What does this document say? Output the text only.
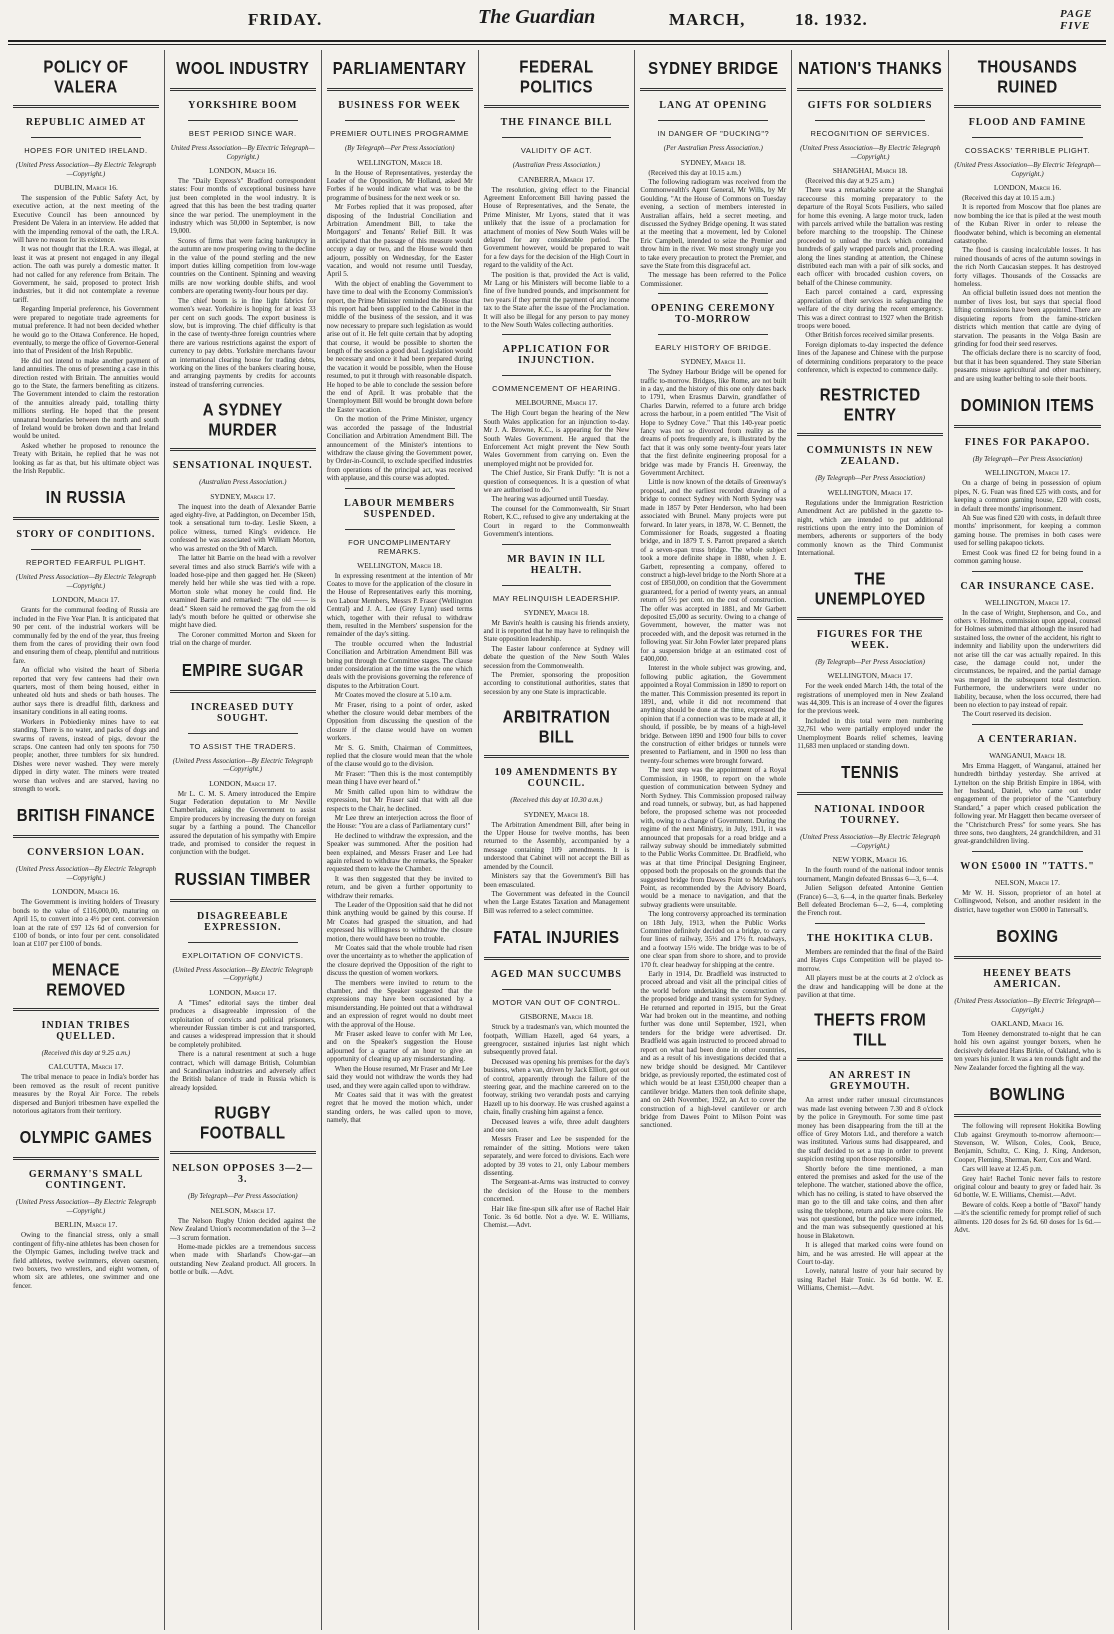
FRIDAY.	The Guardian	MARCH,	18. 1932.	PAGE FIVE
POLICY OF VALERA
REPUBLIC AIMED AT
HOPES FOR UNITED IRELAND.
(United Press Association—By Electric Telegraph—Copyright.)
DUBLIN, March 16.

The suspension of the Public Safety Act, by executive action, at the next meeting of the Executive Council has been announced by President De Valera in an interview. He added that with the impending removal of the oath, the I.R.A. will have no reason for its existence.

It was not thought that the I.R.A. was illegal, at least it was at present not engaged in any illegal action. The oath was purely a domestic matter. It had not called for any reference from Britain. The Government, he said, proposed to protect Irish industries, but it did not contemplate a revenue tariff.

Regarding Imperial preference, his Government were prepared to negotiate trade agreements for mutual preference. It had not been decided whether he would go to the Ottawa Conference. He hoped, eventually, to merge the office of Governor-General into that of President of the Irish Republic.

He did not intend to make another payment of land annuities. The onus of presenting a case in this direction rested with Britain. The annuities would go to the State, the farmers benefiting as citizens. The Government intended to claim the restoration of the annuities already paid, totalling thirty millions sterling. He hoped that the present unnatural boundaries between the north and south of Ireland would be broken down and that Ireland would be united.

Asked whether he proposed to renounce the Treaty with Britain, he replied that he was not looking as far as that, but his ultimate object was the Irish Republic.

IN RUSSIA
STORY OF CONDITIONS.
REPORTED FEARFUL PLIGHT.
(United Press Association—By Electric Telegraph—Copyright.)
LONDON, March 17.

Grants for the communal feeding of Russia are included in the Five Year Plan. It is anticipated that 90 per cent. of the industrial workers will be communally fed by the end of the year, thus freeing them from the cares of providing their own food and ensuring them of cheap, plentiful and nutritious fare.

An official who visited the heart of Siberia reported that very few canteens had their own quarters, most of them being housed, either in unheated old huts and sheds or bath houses. The author says there is dreadful filth, darkness and insanitary conditions in all eating rooms.

Workers in Pobiedienky mines have to eat standing. There is no water, and packs of dogs and swarms of ravens, instead of pigs, devour the scraps. One canteen had only ten spoons for 750 people; another, three tumblers for six hundred. Dishes were never washed. They were merely dipped in dirty water. The miners were treated worse than wolves and are starved, having no strength to work.

BRITISH FINANCE
CONVERSION LOAN.
(United Press Association—By Electric Telegraph—Copyright.)
LONDON, March 16.

The Government is inviting holders of Treasury bonds to the value of £116,000,00, maturing on April 15, to convert into a 4½ per cent. conversion loan at the rate of £97 12s 6d of conversion for £100 of bonds, or into four per cent. consolidated loan at £107 per £100 of bonds.

MENACE REMOVED
INDIAN TRIBES QUELLED.
(Received this day at 9.25 a.m.)
CALCUTTA, March 17.

The tribal menace to peace in India's border has been removed as the result of recent punitive measures by the Royal Air Force. The rebels dispersed and Bunjori tribesmen have expelled the notorious agitators from their territory.

OLYMPIC GAMES
GERMANY'S SMALL CONTINGENT.
(United Press Association—By Electric Telegraph—Copyright.)
BERLIN, March 17.

Owing to the financial stress, only a small contingent of fifty-nine athletes has been chosen for the Olympic Games, including twelve track and field athletes, twelve swimmers, eleven oarsmen, two boxers, two wrestlers, and eight women, of whom six are athletes, one swimmer and one fencer.

WOOL INDUSTRY
YORKSHIRE BOOM
BEST PERIOD SINCE WAR.
United Press Association—By Electric Telegraph—Copyright.)
LONDON, March 16.

The "Daily Express's" Bradford correspondent states: Four months of exceptional business have just been completed in the wool industry. It is agreed that this has been the best trading quarter since the war period. The unemployment in the industry which was 50,000 in September, is now 19,000.

Scores of firms that were facing bankruptcy in the autumn are now prospering owing to the decline in the value of the pound sterling and the new import duties killing competition from low-wage countries on the Continent. Spinning and weaving mills are now working double shifts, and wool combers are operating twenty-four hours per day.

The chief boom is in fine light fabrics for women's wear. Yorkshire is hoping for at least 33 per cent on such goods. The export business is slow, but is improving. The chief difficulty is that in the case of twenty-three foreign countries where there are various restrictions against the export of currency to pay debts. Yorkshire merchants favour an international clearing house for trading debts, working on the lines of the bankers clearing house, and arranging payments by credits for accounts instead of transferring currencies.

A SYDNEY MURDER
SENSATIONAL INQUEST.
(Australian Press Association.)
SYDNEY, March 17.

The inquest into the death of Alexander Barrie aged eighty-five, at Paddington, on December 15th, took a sensational turn to-day. Leslie Skeen, a police witness, turned King's evidence. He confessed he was associated with William Morton, who was arrested on the 9th of March.

The latter hit Barrie on the head with a revolver several times and also struck Barrie's wife with a loaded hose-pipe and then gagged her. He (Skeen) merely held her while she was tied with a rope. Morton stole what money he could find. He examined Barrie and remarked: "The old —— is dead." Skeen said he removed the gag from the old lady's mouth before he quitted or otherwise she might have died.

The Coroner committed Morton and Skeen for trial on the charge of murder.

EMPIRE SUGAR
INCREASED DUTY SOUGHT.
TO ASSIST THE TRADERS.
(United Press Association—By Electric Telegraph—Copyright.)
LONDON, March 17.

Mr L. C. M. S. Amery introduced the Empire Sugar Federation deputation to Mr Neville Chamberlain, asking the Government to assist Empire producers by increasing the duty on foreign sugar by a farthing a pound. The Chancellor assured the deputation of his sympathy with Empire trade, and promised to consider the request in conjunction with the budget.

RUSSIAN TIMBER
DISAGREEABLE EXPRESSION.
EXPLOITATION OF CONVICTS.
(United Press Association—By Electric Telegraph—Copyright.)
LONDON, March 17.

A "Times" editorial says the timber deal produces a disagreeable impression of the exploitation of convicts and political prisoners, whereunder Russian timber is cut and transported, and causes a widespread impression that it should be completely prohibited.

There is a natural resentment at such a huge contract, which will damage British, Columbian and Scandinavian industries and adversely affect the British balance of trade in Russia which is already lopsided.

RUGBY FOOTBALL
NELSON OPPOSES 3—2—3.
(By Telegraph—Per Press Association)
NELSON, March 17.

The Nelson Rugby Union decided against the New Zealand Union's recommendation of the 3—2—3 scrum formation.

Home-made pickles are a tremendous success when made with Sharland's Chow-gar—an outstanding New Zealand product. All grocers. In bottle or bulk. —Advt.

PARLIAMENTARY
BUSINESS FOR WEEK
PREMIER OUTLINES PROGRAMME
(By Telegraph—Per Press Association)
WELLINGTON, March 18.

In the House of Representatives, yesterday the Leader of the Opposition, Mr Holland, asked Mr Forbes if he would indicate what was to be the programme of business for the next week or so.

Mr Forbes replied that it was proposed, after disposing of the Industrial Conciliation and Arbitration Amendment Bill, to take the Mortgagors' and Tenants' Relief Bill. It was anticipated that the passage of this measure would occupy a day or two, and the House would then adjourn, possibly on Wednesday, for the Easter vacation, and would not resume until Tuesday, April 5.

With the object of enabling the Government to have time to deal with the Economy Commission's report, the Prime Minister reminded the House that this report had been supplied to the Cabinet in the middle of the business of the session, and it was now necessary to prepare such legislation as would arise out of it. He felt quite certain that by adopting that course, it would be possible to shorten the length of the session a good deal. Legislation would be necessary and once it had been prepared during the vacation it would be possible, when the House resumed, to put it through with reasonable dispatch. He hoped to be able to conclude the session before the end of April. It was probable that the Unemployment Bill would be brought down before the Easter vacation.

On the motion of the Prime Minister, urgency was accorded the passage of the Industrial Conciliation and Arbitration Amendment Bill. The announcement of the Minister's intentions to withdraw the clause giving the Government power, by Order-in-Council, to exclude specified industries from operations of the principal act, was received with applause, and this course was adopted.

LABOUR MEMBERS SUSPENDED.
FOR UNCOMPLIMENTARY REMARKS.
WELLINGTON, March 18.

In expressing resentment at the intention of Mr Coates to move for the application of the closure in the House of Representatives early this morning, two Labour Members, Messrs P. Fraser (Wellington Central) and J. A. Lee (Grey Lynn) used terms which, together with their refusal to withdraw them, resulted in the Members' suspension for the remainder of the day's sitting.

The trouble occurred when the Industrial Conciliation and Arbitration Amendment Bill was being put through the Committee stages. The clause under consideration at the time was the one which deals with the provisions governing the reference of disputes to the Arbitration Court.

Mr Coates moved the closure at 5.10 a.m.

Mr Fraser, rising to a point of order, asked whether the closure would debar members of the Opposition from discussing the question of the closure if the clause would have on women workers.

Mr S. G. Smith, Chairman of Committees, replied that the closure would mean that the whole of the clause would go to the division.

Mr Fraser: "Then this is the most contemptibly mean thing I have ever heard of."

Mr Smith called upon him to withdraw the expression, but Mr Fraser said that with all due respects to the Chair, he declined.

Mr Lee threw an interjection across the floor of the House: "You are a class of Parliamentary curs!"

He declined to withdraw the expression, and the Speaker was summoned. After the position had been explained, and Messrs Fraser and Lee had again refused to withdraw the remarks, the Speaker requested them to leave the Chamber.

It was then suggested that they be invited to return, and be given a further opportunity to withdraw their remarks.

The Leader of the Opposition said that he did not think anything would be gained by this course. If Mr Coates had grasped the situation, and had expressed his willingness to withdraw the closure motion, there would have been no trouble.

Mr Coates said that the whole trouble had risen over the uncertainty as to whether the application of the closure deprived the Opposition of the right to discuss the question of women workers.

The members were invited to return to the chamber, and the Speaker suggested that the expressions may have been occasioned by a misunderstanding. He pointed out that a withdrawal and an expression of regret would no doubt meet with the approval of the House.

Mr Fraser asked leave to confer with Mr Lee, and on the Speaker's suggestion the House adjourned for a quarter of an hour to give an opportunity of clearing up any misunderstanding.

When the House resumed, Mr Fraser and Mr Lee said they would not withdraw the words they had used, and they were again called upon to withdraw.

Mr Coates said that it was with the greatest regret that he moved the motion which, under standing orders, he was called upon to move, namely, that

FEDERAL POLITICS
THE FINANCE BILL
VALIDITY OF ACT.
(Australian Press Association.)
CANBERRA, March 17.

The resolution, giving effect to the Financial Agreement Enforcement Bill having passed the House of Representatives, and the Senate, the Prime Minister, Mr Lyons, stated that it was unlikely that the issue of a proclamation for attachment of monies of New South Wales will be delayed for any considerable period. The Government however, would be prepared to wait for a few days for the decision of the High Court in regard to the validity of the Act.

The position is that, provided the Act is valid, Mr Lang or his Ministers will become liable to a fine of five hundred pounds, and imprisonment for two years if they permit the payment of any income tax to the State after the issue of the Proclamation. It will also be illegal for any person to pay money to the New South Wales collecting authorities.

APPLICATION FOR INJUNCTION.
COMMENCEMENT OF HEARING.
MELBOURNE, March 17.

The High Court began the hearing of the New South Wales application for an injunction to-day. Mr J. A. Browne, K.C., is appearing for the New South Wales Government. He argued that the Enforcement Act might prevent the New South Wales Government from carrying on. Even the unemployed might not be provided for.

The Chief Justice, Sir Frank Duffy: "It is not a question of consequences. It is a question of what we are authorised to do."

The hearing was adjourned until Tuesday.

The counsel for the Commonwealth, Sir Stuart Robert, K.C., refused to give any undertaking at the Court in regard to the Commonwealth Government's intentions.

MR BAVIN IN ILL HEALTH.
MAY RELINQUISH LEADERSHIP.
SYDNEY, March 18.

Mr Bavin's health is causing his friends anxiety, and it is reported that he may have to relinquish the State opposition leadership.

The Easter labour conference at Sydney will debate the question of the New South Wales secession from the Commonwealth.

The Premier, sponsoring the proposition according to constitutional authorities, states that secession by any one State is impracticable.

ARBITRATION BILL
109 AMENDMENTS BY COUNCIL.
(Received this day at 10.30 a.m.)
SYDNEY, March 18.

The Arbitration Amendment Bill, after being in the Upper House for twelve months, has been returned to the Assembly, accompanied by a message containing 109 amendments. It is understood that Cabinet will not accept the Bill as amended by the Council.

Ministers say that the Government's Bill has been emasculated.

The Government was defeated in the Council when the Large Estates Taxation and Management Bill was referred to a select committee.

FATAL INJURIES
AGED MAN SUCCUMBS
MOTOR VAN OUT OF CONTROL.
GISBORNE, March 18.

Struck by a tradesman's van, which mounted the footpath, William Hazell, aged 64 years, a greengrocer, sustained injuries last night which subsequently proved fatal.

Deceased was opening his premises for the day's business, when a van, driven by Jack Elliott, got out of control, apparently through the failure of the steering gear, and the machine careered on to the footway, striking two verandah posts and carrying Hazell up to his doorway. He was crushed against a chain, finally crashing him against a fence.

Deceased leaves a wife, three adult daughters and one son.

Messrs Fraser and Lee be suspended for the remainder of the sitting. Motions were taken separately, and were forced to divisions. Each were adopted by 39 votes to 21, only Labour members dissenting.

The Sergeant-at-Arms was instructed to convey the decision of the House to the members concerned.

Hair like fine-spun silk after use of Rachel Hair Tonic. 3s 6d bottle. Not a dye. W. E. Williams, Chemist.—Advt.

SYDNEY BRIDGE
LANG AT OPENING
IN DANGER OF "DUCKING"?
(Per Australian Press Association.)
SYDNEY, March 18.

(Received this day at 10.15 a.m.)

The following radiogram was received from the Commonwealth's Agent General, Mr Wills, by Mr Goulding. "At the House of Commons on Tuesday evening, a section of members interested in Australian affairs, held a secret meeting, and discussed the Sydney Bridge opening. It was stated at the meeting that a movement, led by Colonel Eric Campbell, intended to seize the Premier and throw him in the river. We most strongly urge you to take every precaution to protect the Premier, and save the State from this disgraceful act.

The message has been referred to the Police Commissioner.

OPENING CEREMONY TO-MORROW
EARLY HISTORY OF BRIDGE.
SYDNEY, March 11.

The Sydney Harbour Bridge will be opened for traffic to-morrow. Bridges, like Rome, are not built in a day, and the history of this one only dates back to 1791, when Erasmus Darwin, grandfather of Charles Darwin, referred to a future arch bridge across the harbour, in a poem entitled "The Visit of Hope to Sydney Cove." That this 140-year poetic fancy was not so divorced from reality as the dreams of poets frequently are, is illustrated by the fact that it was only some twenty-four years later that the first definite engineering proposal for a bridge was made by Francis H. Greenway, the Government Architect.

Little is now known of the details of Greenway's proposal, and the earliest recorded drawing of a bridge to connect Sydney with North Sydney was made in 1857 by Peter Henderson, who had been associated with Brunel. Many projects were put forward. In later years, in 1878, W. C. Bennett, the Commissioner for Roads, suggested a floating bridge, and in 1879 T. S. Parrott prepared a sketch of a seven-span truss bridge. The whole subject took a more definite shape in 1880, when J. E. Garbett, representing a company, offered to construct a high-level bridge to the North Shore at a cost of £850,000, on condition that the Government guaranteed, for a period of twenty years, an annual return of 5½ per cent. on the cost of construction. The offer was accepted in 1881, and Mr Garbett deposited £5,000 as security. Owing to a change of Government, however, the matter was not proceeded with, and the deposit was returned in the following year. Sir John Fowler later prepared plans for a suspension bridge at an estimated cost of £400,000.

Interest in the whole subject was growing, and, following public agitation, the Government appointed a Royal Commission in 1890 to report on the matter. This Commission presented its report in 1891, and, while it did not recommend that anything should be done at the time, expressed the opinion that if a connection was to be made at all, it should, if possible, be by means of a high-level bridge. Between 1890 and 1900 four bills to cover the construction of either bridges or tunnels were presented to Parliament, and in 1900 no less than twenty-four schemes were brought forward.

The next step was the appointment of a Royal Commission, in 1908, to report on the whole question of communication between Sydney and North Sydney. This Commission proposed railway and road tunnels, or subway, but, as had happened before, the proposed scheme was not proceeded with, owing to a change of Government. During the regime of the next Ministry, in July, 1911, it was announced that proposals for a road bridge and a railway subway should be immediately submitted to the Public Works Committee. Dr. Bradfield, who was at that time Principal Designing Engineer, opposed both the proposals on the grounds that the suggested bridge from Dawes Point to McMahon's Point, as recommended by the Advisory Board, would be a menace to navigation, and that the subway gradients were unsuitable.

The long controversy approached its termination on 18th July, 1913, when the Public Works Committee definitely decided on a bridge, to carry four lines of railway, 35½ and 17½ ft. roadways, and a footway 15½ wide. The bridge was to be of one clear span from shore to shore, and to provide 170 ft. clear headway for shipping at the centre.

Early in 1914, Dr. Bradfield was instructed to proceed abroad and visit all the principal cities of the world before undertaking the construction of the proposed bridge and transit system for Sydney. He returned and reported in 1915, but the Great War had broken out in the meantime, and nothing further was done until September, 1921, when tenders for the bridge were advertised. Dr. Bradfield was again instructed to proceed abroad to report on what had been done in other countries, and as a result of his investigations decided that a new bridge should be designed. Mr Cantilever bridge, as previously reported, the estimated cost of which would be at least £350,000 cheaper than a cantilever bridge. Matters then took definite shape, and on 24th November, 1922, an Act to cover the construction of a high-level cantilever or arch bridge from Dawes Point to Milson Point was sanctioned.

NATION'S THANKS
GIFTS FOR SOLDIERS
RECOGNITION OF SERVICES.
(United Press Association—By Electric Telegraph—Copyright.)
SHANGHAI, March 18.

(Received this day at 9.25 a.m.)

There was a remarkable scene at the Shanghai racecourse this morning preparatory to the departure of the Royal Scots Fusiliers, who sailed for home this evening. A large motor truck, laden with parcels arrived while the battalion was resting before marching to the troopship. The Chinese proceeded to unload the truck which contained hundreds of gaily wrapped parcels and, proceeding along the lines standing at attention, the Chinese distributed each man with a pair of silk socks, and each officer with brocaded cushion covers, on behalf of the Chinese community.

Each parcel contained a card, expressing appreciation of their services in safeguarding the welfare of the city during the recent emergency. This was a direct contrast to 1927 when the British troops were booed.

Other British forces received similar presents.

Foreign diplomats to-day inspected the defence lines of the Japanese and Chinese with the purpose of determining conditions preparatory to the peace conference, which is expected to commence daily.

RESTRICTED ENTRY
COMMUNISTS IN NEW ZEALAND.
(By Telegraph—Per Press Association)
WELLINGTON, March 17.

Regulations under the Immigration Restriction Amendment Act are published in the gazette to-night, which are intended to put additional restrictions upon the entry into the Dominion of members, adherents or supporters of the body commonly known as the Third Communist International.

THE UNEMPLOYED
FIGURES FOR THE WEEK.
(By Telegraph—Per Press Association)
WELLINGTON, March 17.

For the week ended March 14th, the total of the registrations of unemployed men in New Zealand was 44,309. This is an increase of 4 over the figures for the previous week.

Included in this total were men numbering 32,761 who were partially employed under the Unemployment Boards relief schemes, leaving 11,683 men unplaced or standing down.

TENNIS
NATIONAL INDOOR TOURNEY.
(United Press Association—By Electric Telegraph—Copyright.)
NEW YORK, March 16.

In the fourth round of the national indoor tennis tournament, Mangin defeated Brussas 6—3, 6—4.

Julien Seligson defeated Antonine Gentien (France) 6—3, 6—4, in the quarter finals. Berkeley Bell defeated Brocleman 6—2, 6—4, completing the French rout.

THE HOKITIKA CLUB.

Members are reminded that the final of the Baird and Hayes Cups Competition will be played to-morrow.

All players must be at the courts at 2 o'clock as the draw and handicapping will be done at the pavilion at that time.

THEFTS FROM TILL
AN ARREST IN GREYMOUTH.

An arrest under rather unusual circumstances was made last evening between 7.30 and 8 o'clock by the police in Greymouth. For some time past money has been disappearing from the till at the office of Grey Motors Ltd., and therefore a watch was instituted. Various sums had disappeared, and the staff decided to set a trap in order to prevent suspicion resting upon those responsible.

Shortly before the time mentioned, a man entered the premises and asked for the use of the telephone. The watcher, stationed above the office, which has no ceiling, is stated to have observed the man go to the till and take coins, and then after using the telephone, return and take more coins. He was not questioned, but the police were informed, and the man was subsequently questioned at his house in Blaketown.

It is alleged that marked coins were found on him, and he was arrested. He will appear at the Court to-day.

Lovely, natural lustre of your hair secured by using Rachel Hair Tonic. 3s 6d bottle. W. E. Williams, Chemist.—Advt.

THOUSANDS RUINED
FLOOD AND FAMINE
COSSACKS' TERRIBLE PLIGHT.
(United Press Association—By Electric Telegraph—Copyright.)
LONDON, March 16.

(Received this day at 10.15 a.m.)

It is reported from Moscow that floe planes are now bombing the ice that is piled at the west mouth of the Kuban River in order to release the floodwater behind, which is becoming an elemental catastrophe.

The flood is causing incalculable losses. It has ruined thousands of acres of the autumn sowings in the rich North Caucasian steppes. It has destroyed forty villages. Thousands of the Cossacks are homeless.

An official bulletin issued does not mention the number of lives lost, but says that special flood lifting commissions have been appointed. There are disquieting reports from the famine-stricken districts which mention that cattle are dying of starvation. The peasants in the Volga Basin are grinding for food their seed reserves.

The officials declare there is no scarcity of food, but that it has been squandered. They state Siberian peasants misuse agricultural and other machinery, and are using leather belting to sole their boots.

DOMINION ITEMS
FINES FOR PAKAPOO.
(By Telegraph—Per Press Association)
WELLINGTON, March 17.

On a charge of being in possession of opium pipes, N. G. Fuan was fined £25 with costs, and for keeping a common gaming house, £20 with costs, in default three months' imprisonment.

Ah Sue was fined £20 with costs, in default three months' imprisonment, for keeping a common gaming house. The premises in both cases were used for selling pakapoo tickets.

Ernest Cook was fined £2 for being found in a common gaming house.

CAR INSURANCE CASE.
WELLINGTON, March 17.

In the case of Wright, Stephenson, and Co., and others v. Holmes, commission upon appeal, counsel for Holmes submitted that although the insured had sustained loss, the owner of the accident, his right to indemnity and liability upon the underwriters did not arise till the car was actually repaired. In this case, the damage could not, under the circumstances, be repaired, and the partial damage was merged in the subsequent total destruction. Furthermore, the underwriters were under no liability, because, when the loss occurred, there had been no election to pay instead of repair.

The Court reserved its decision.

A CENTERARIAN.
WANGANUI, March 18.

Mrs Emma Haggett, of Wanganui, attained her hundredth birthday yesterday. She arrived at Lyttelton on the ship British Empire in 1864, with her husband, Daniel, who came out under engagement of the proprietor of the "Canterbury Standard," a paper which ceased publication the following year. Mr Haggett then became overseer of the "Christchurch Press" for some years. She has three sons, two daughters, 24 grandchildren, and 31 great-grandchildren living.

WON £5000 IN "TATTS."
NELSON, March 17.

Mr W. H. Sisson, proprietor of an hotel at Collingwood, Nelson, and another resident in the district, have together won £5000 in Tattersall's.

BOXING
HEENEY BEATS AMERICAN.
(United Press Association—By Electric Telegraph—Copyright.)
OAKLAND, March 16.

Tom Heeney demonstrated to-night that he can hold his own against younger boxers, when he decisively defeated Hans Birkie, of Oakland, who is ten years his junior. It was a ten rounds fight and the New Zealander forced the fighting all the way.

BOWLING

The following will represent Hokitika Bowling Club against Greymouth to-morrow afternoon:—Stevenson, W. Wilson, Coles, Cook, Bruce, Benjamin, Schultz, C. King, J. King, Anderson, Cooper, Fleming, Sherman, Kerr, Cox and Ward.

Cars will leave at 12.45 p.m.

Grey hair! Rachel Tonic never fails to restore original colour and beauty to grey or faded hair. 3s 6d bottle, W. E. Williams, Chemist.—Advt.

Beware of colds. Keep a bottle of "Baxol" handy—it's the scientific remedy for prompt relief of such ailments. 120 doses for 2s 6d. 60 doses for 1s 6d.—Advt.
